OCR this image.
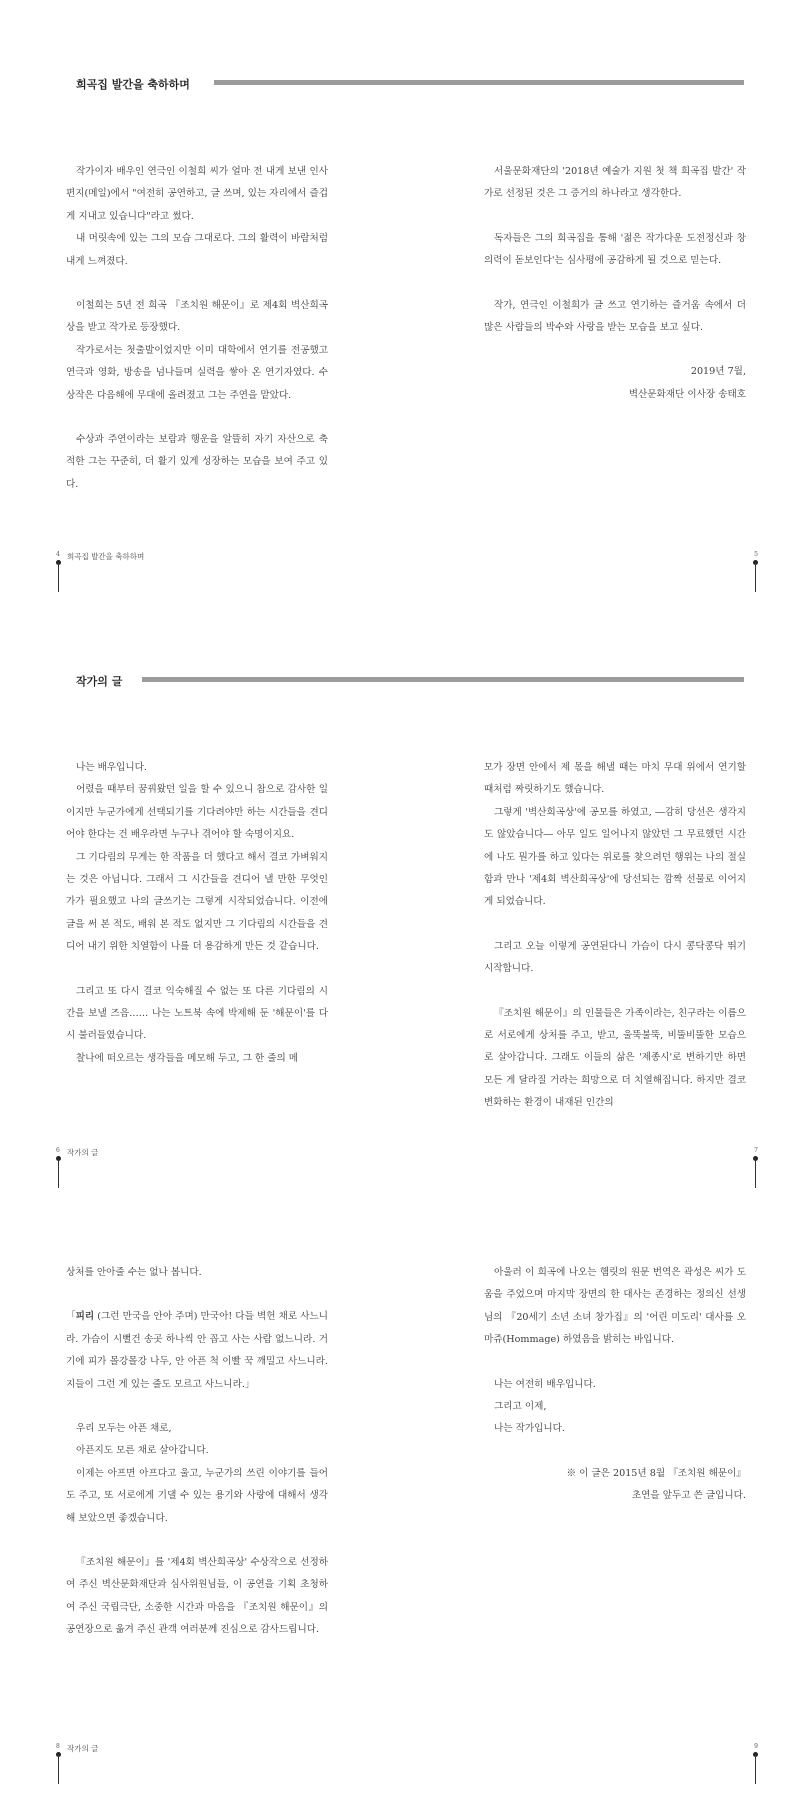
희곡집 발간을 축하하며

작가이자 배우인 연극인 이철희 씨가 얼마 전 내게 보낸 인사편지(메일)에서 "여전히 공연하고, 글 쓰며, 있는 자리에서 즐겁게 지내고 있습니다"라고 썼다.

내 머릿속에 있는 그의 모습 그대로다. 그의 활력이 바람처럼 내게 느껴졌다.

이철희는 5년 전 희곡 『조치원 해문이』로 제4회 벽산희곡상을 받고 작가로 등장했다.

작가로서는 첫출발이었지만 이미 대학에서 연기를 전공했고 연극과 영화, 방송을 넘나들며 실력을 쌓아 온 연기자였다. 수상작은 다음해에 무대에 올려졌고 그는 주연을 맡았다.

수상과 주연이라는 보람과 행운을 알뜰히 자기 자산으로 축적한 그는 꾸준히, 더 활기 있게 성장하는 모습을 보여 주고 있다.

서울문화재단의 '2018년 예술가 지원 첫 책 희곡집 발간' 작가로 선정된 것은 그 증거의 하나라고 생각한다.

독자들은 그의 희곡집을 통해 '젊은 작가다운 도전정신과 창의력이 돋보인다'는 심사평에 공감하게 될 것으로 믿는다.

작가, 연극인 이철희가 글 쓰고 연기하는 즐거움 속에서 더 많은 사람들의 박수와 사랑을 받는 모습을 보고 싶다.

2019년 7월,

벽산문화재단 이사장 송태호

4 희곡집 발간을 축하하며	5
작가의 글

나는 배우입니다.

어렸을 때부터 꿈꿔왔던 일을 할 수 있으니 참으로 감사한 일이지만 누군가에게 선택되기를 기다려야만 하는 시간들을 견디어야 한다는 건 배우라면 누구나 겪어야 할 숙명이지요.

그 기다림의 무게는 한 작품을 더 했다고 해서 결코 가벼워지는 것은 아닙니다. 그래서 그 시간들을 견디어 낼 만한 무엇인가가 필요했고 나의 글쓰기는 그렇게 시작되었습니다. 이전에 글을 써 본 적도, 배워 본 적도 없지만 그 기다림의 시간들을 견디어 내기 위한 치열함이 나를 더 용감하게 만든 것 같습니다.

그리고 또 다시 결코 익숙해질 수 없는 또 다른 기다림의 시간을 보낼 즈음…… 나는 노트북 속에 박제해 둔 '해문이'를 다시 불러들였습니다.

찰나에 떠오르는 생각들을 메모해 두고, 그 한 줄의 메

모가 장면 안에서 제 몫을 해낼 때는 마치 무대 위에서 연기할 때처럼 짜릿하기도 했습니다.

그렇게 '벽산희곡상'에 공모를 하였고, ―감히 당선은 생각지도 않았습니다― 아무 일도 일어나지 않았던 그 무료했던 시간에 나도 뭔가를 하고 있다는 위로를 찾으려던 행위는 나의 절실함과 만나 '제4회 벽산희곡상'에 당선되는 깜짝 선물로 이어지게 되었습니다.

그리고 오늘 이렇게 공연된다니 가슴이 다시 콩닥콩닥 뛰기 시작합니다.

『조치원 해문이』의 인물들은 가족이라는, 친구라는 이름으로 서로에게 상처를 주고, 받고, 울뚝불뚝, 비뚤비뚤한 모습으로 살아갑니다. 그래도 이들의 삶은 '제종시'로 변하기만 하면 모든 게 달라질 거라는 희망으로 더 치열해집니다. 하지만 결코 변화하는 환경이 내재된 인간의

6 작가의 글	7

상처를 안아줄 수는 없나 봅니다.

「피리 (그런 만국을 안아 주며) 만국아! 다들 벽헌 채로 사느니라. 가슴이 시뻘건 송곳 하나씩 안 꼽고 사는 사람 없느니라. 거기에 피가 몰강몰강 나두, 안 아픈 척 이빨 꾹 깨밀고 사느니라. 지들이 그런 게 있는 줄도 모르고 사느니라.」

우리 모두는 아픈 채로,

아픈지도 모른 채로 살아갑니다.

이제는 아프면 아프다고 울고, 누군가의 쓰린 이야기를 들어도 주고, 또 서로에게 기댈 수 있는 용기와 사랑에 대해서 생각해 보았으면 좋겠습니다.

『조치원 해문이』를 '제4회 벽산희곡상' 수상작으로 선정하여 주신 벽산문화재단과 심사위원님들, 이 공연을 기획 초청하여 주신 국립극단, 소중한 시간과 마음을 『조치원 해문이』의 공연장으로 옮겨 주신 관객 여러분께 진심으로 감사드립니다.

아울러 이 희곡에 나오는 햄릿의 원문 번역은 곽성은 씨가 도움을 주었으며 마지막 장면의 한 대사는 존경하는 정의신 선생님의 『20세기 소년 소녀 창가집』의 '어린 미도리' 대사를 오마쥬(Hommage) 하였음을 밝히는 바입니다.

나는 여전히 배우입니다.

그리고 이제,

나는 작가입니다.

※ 이 글은 2015년 8월 『조치원 해문이』

초연을 앞두고 쓴 글입니다.

8 작가의 글	9
